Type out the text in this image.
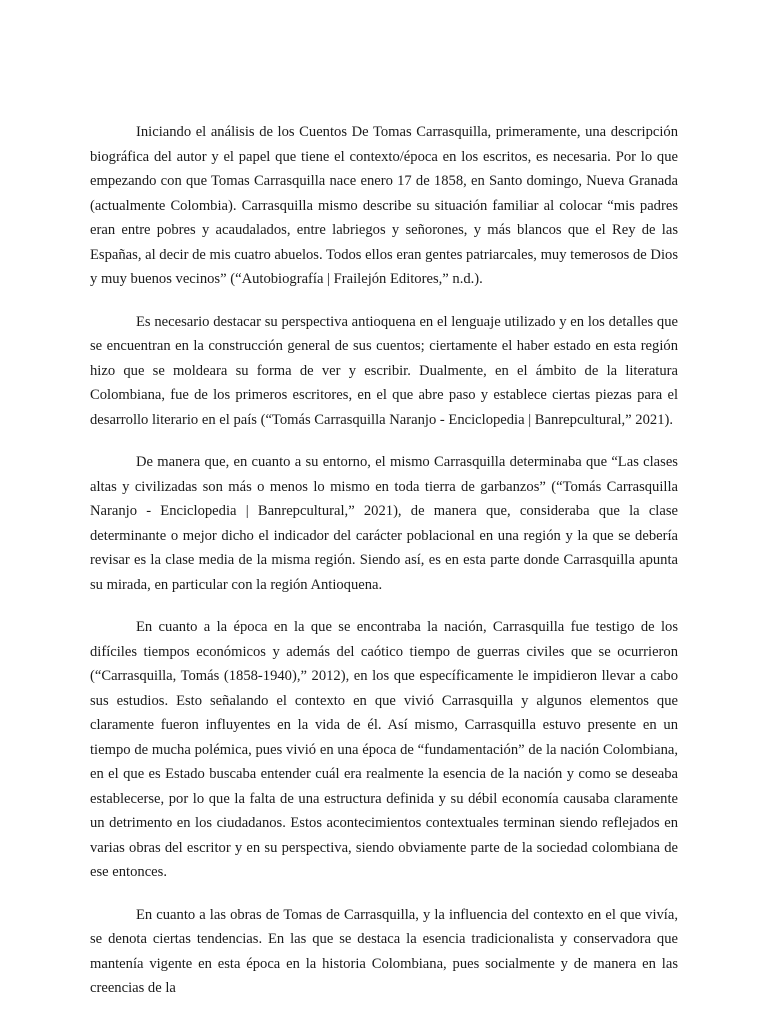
Iniciando el análisis de los Cuentos De Tomas Carrasquilla, primeramente, una descripción biográfica del autor y el papel que tiene el contexto/época en los escritos, es necesaria. Por lo que empezando con que Tomas Carrasquilla nace enero 17 de 1858, en Santo domingo, Nueva Granada (actualmente Colombia). Carrasquilla mismo describe su situación familiar al colocar “mis padres eran entre pobres y acaudalados, entre labriegos y señorones, y más blancos que el Rey de las Españas, al decir de mis cuatro abuelos. Todos ellos eran gentes patriarcales, muy temerosos de Dios y muy buenos vecinos” (“Autobiografía | Frailejón Editores,” n.d.).

Es necesario destacar su perspectiva antioquena en el lenguaje utilizado y en los detalles que se encuentran en la construcción general de sus cuentos; ciertamente el haber estado en esta región hizo que se moldeara su forma de ver y escribir. Dualmente, en el ámbito de la literatura Colombiana, fue de los primeros escritores, en el que abre paso y establece ciertas piezas para el desarrollo literario en el país (“Tomás Carrasquilla Naranjo - Enciclopedia | Banrepcultural,” 2021).

De manera que, en cuanto a su entorno, el mismo Carrasquilla determinaba que “Las clases altas y civilizadas son más o menos lo mismo en toda tierra de garbanzos” (“Tomás Carrasquilla Naranjo - Enciclopedia | Banrepcultural,” 2021), de manera que, consideraba que la clase determinante o mejor dicho el indicador del carácter poblacional en una región y la que se debería revisar es la clase media de la misma región. Siendo así, es en esta parte donde Carrasquilla apunta su mirada, en particular con la región Antioquena.

En cuanto a la época en la que se encontraba la nación, Carrasquilla fue testigo de los difíciles tiempos económicos y además del caótico tiempo de guerras civiles que se ocurrieron (“Carrasquilla, Tomás (1858-1940),” 2012), en los que específicamente le impidieron llevar a cabo sus estudios. Esto señalando el contexto en que vivió Carrasquilla y algunos elementos que claramente fueron influyentes en la vida de él. Así mismo, Carrasquilla estuvo presente en un tiempo de mucha polémica, pues vivió en una época de “fundamentación” de la nación Colombiana, en el que es Estado buscaba entender cuál era realmente la esencia de la nación y como se deseaba establecerse, por lo que la falta de una estructura definida y su débil economía causaba claramente un detrimento en los ciudadanos. Estos acontecimientos contextuales terminan siendo reflejados en varias obras del escritor y en su perspectiva, siendo obviamente parte de la sociedad colombiana de ese entonces.

En cuanto a las obras de Tomas de Carrasquilla, y la influencia del contexto en el que vivía, se denota ciertas tendencias. En las que se destaca la esencia tradicionalista y conservadora que mantenía vigente en esta época en la historia Colombiana, pues socialmente y de manera en las creencias de la
